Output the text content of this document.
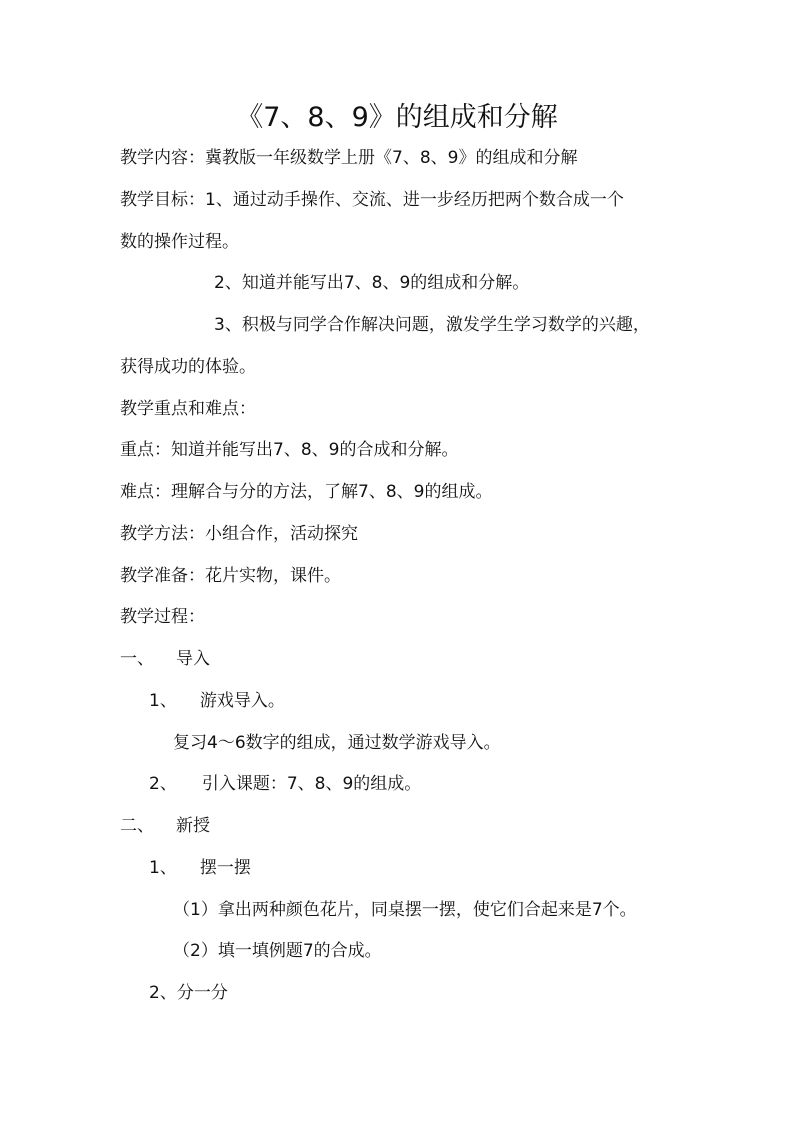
《7、8、9》的组成和分解
教学内容：冀教版一年级数学上册《7、8、9》的组成和分解
教学目标：1、通过动手操作、交流、进一步经历把两个数合成一个
数的操作过程。
2、知道并能写出7、8、9的组成和分解。
3、积极与同学合作解决问题，激发学生学习数学的兴趣，
获得成功的体验。
教学重点和难点：
重点：知道并能写出7、8、9的合成和分解。
难点：理解合与分的方法，了解7、8、9的组成。
教学方法：小组合作，活动探究
教学准备：花片实物，课件。
教学过程：
一、 导入
1、 游戏导入。
复习4～6数字的组成，通过数学游戏导入。
2、 引入课题：7、8、9的组成。
二、 新授
1、 摆一摆
（1）拿出两种颜色花片，同桌摆一摆，使它们合起来是7个。
（2）填一填例题7的合成。
2、分一分
